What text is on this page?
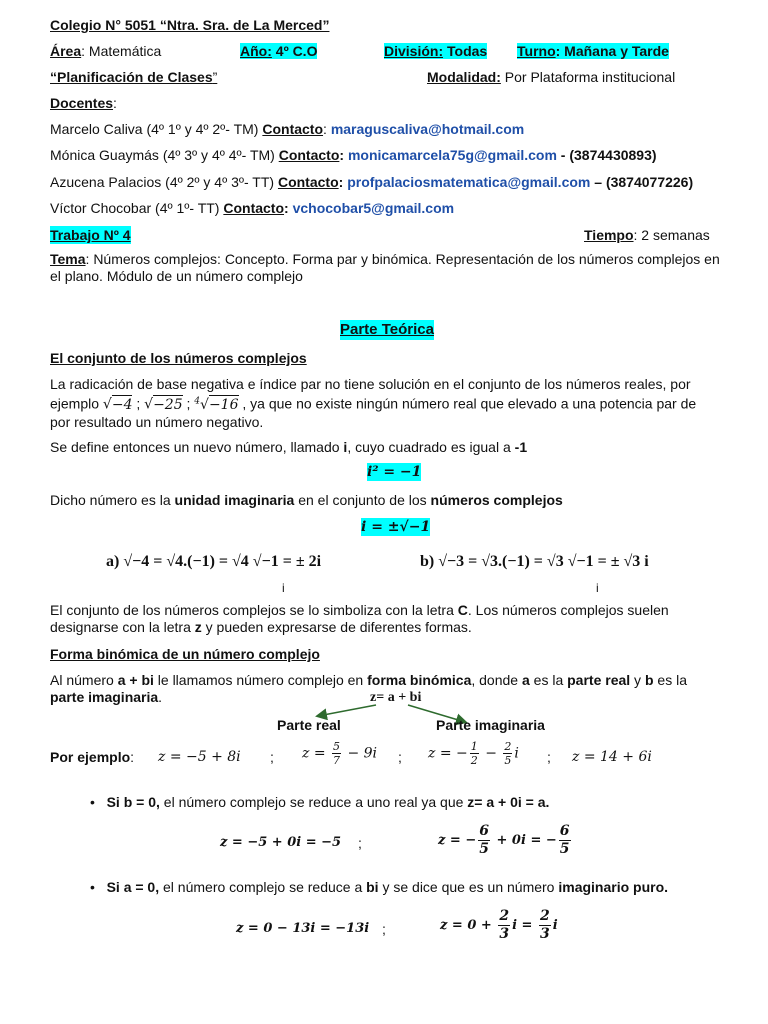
Colegio N° 5051 “Ntra. Sra. de La Merced”
Área: Matemática	Año: 4º C.O	División: Todas Turno: Mañana y Tarde
“Planificación de Clases”	Modalidad: Por Plataforma institucional
Docentes:
Marcelo Caliva (4º 1º y 4º 2º- TM) Contacto: maraguscaliva@hotmail.com
Mónica Guaymás (4º 3º y 4º 4º- TM) Contacto: monicamarcela75g@gmail.com - (3874430893)
Azucena Palacios (4º 2º y 4º 3º- TT) Contacto: profpalaciosmatematica@gmail.com – (3874077226)
Víctor Chocobar (4º 1º- TT) Contacto: vchocobar5@gmail.com
Trabajo Nº 4	Tiempo: 2 semanas
Tema: Números complejos: Concepto. Forma par y binómica. Representación de los números complejos en el plano. Módulo de un número complejo
Parte Teórica
El conjunto de los números complejos
La radicación de base negativa e índice par no tiene solución en el conjunto de los números reales, por ejemplo √−4 ; √−25 ; $^4$√−16 , ya que no existe ningún número real que elevado a una potencia par de por resultado un número negativo.
Se define entonces un nuevo número, llamado i, cuyo cuadrado es igual a -1
i² = −1
Dicho número es la unidad imaginaria en el conjunto de los números complejos
i = ±√−1
a) √−4 = √4.(−1) = √4 √−1 = ± 2i
i
b) √−3 = √3.(−1) = √3 √−1 = ± √3 i
i
El conjunto de los números complejos se lo simboliza con la letra C. Los números complejos suelen designarse con la letra z y pueden expresarse de diferentes formas.
Forma binómica de un número complejo
Al número a + bi le llamamos número complejo en forma binómica, donde a es la parte real y b es la parte imaginaria.	z= a + bi
Parte real	Parte imaginaria
Por ejemplo: z = −5 + 8i ; $z = \frac{5}{7} - 9i$ ; z = − $\frac{1}{2} - \frac{2}{5}$ i ; z = 14 + 6i
• Si b = 0, el número complejo se reduce a uno real ya que z= a + 0i = a.
z = −5 + 0i = −5 ;	z = − $\frac{6}{5} + 0i$ = − $\frac{6}{5}$
• Si a = 0, el número complejo se reduce a bi y se dice que es un número imaginario puro.
z = 0 − 13i = −13i ;	$z = 0 + \frac{2}{3}$ $i = \frac{2}{3}$ i
